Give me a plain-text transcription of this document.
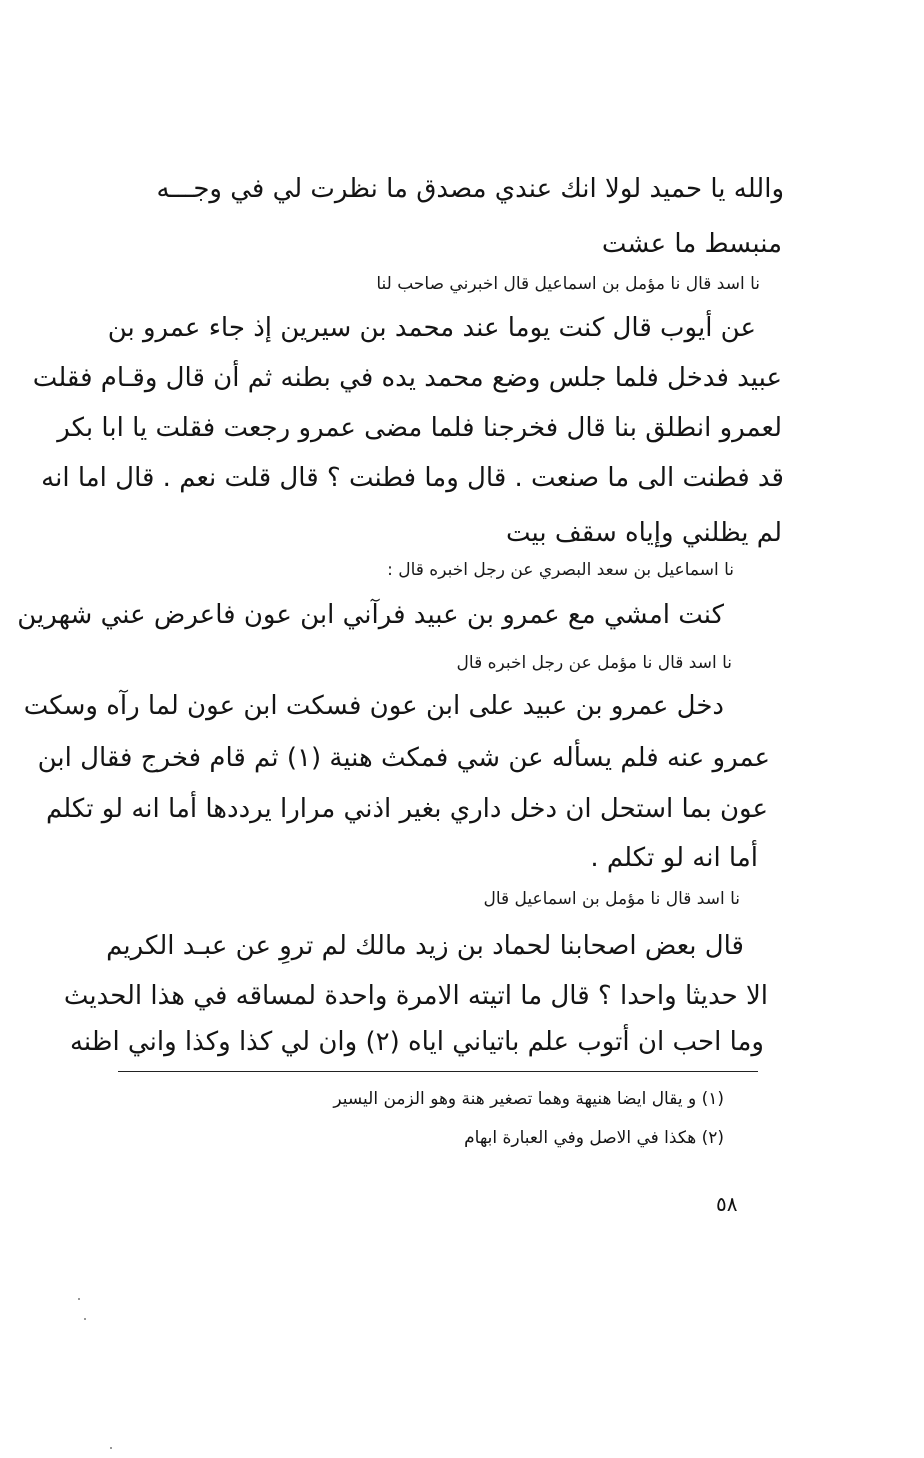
والله يا حميد لولا انك عندي مصدق ما نظرت لي في وجـــه
منبسط ما عشت
نا اسد قال نا مؤمل بن اسماعيل قال اخبرني صاحب لنا
عن أيوب قال كنت يوما عند محمد بن سيرين إذ جاء عمرو بن
عبيد فدخل فلما جلس وضع محمد يده في بطنه ثم أن قال وقـام فقلت
لعمرو انطلق بنا قال فخرجنا فلما مضى عمرو رجعت فقلت يا ابا بكر
قد فطنت الى ما صنعت . قال وما فطنت ؟ قال قلت نعم . قال اما انه
لم يظلني وإياه سقف بيت
نا اسماعيل بن سعد البصري عن رجل اخبره قال :
كنت امشي مع عمرو بن عبيد فرآني ابن عون فاعرض عني شهرين
نا اسد قال نا مؤمل عن رجل اخبره قال
دخل عمرو بن عبيد على ابن عون فسكت ابن عون لما رآه وسكت
عمرو عنه فلم يسأله عن شي فمكث هنية (١) ثم قام فخرج فقال ابن
عون بما استحل ان دخل داري بغير اذني مرارا يرددها أما انه لو تكلم
أما انه لو تكلم .
نا اسد قال نا مؤمل بن اسماعيل قال
قال بعض اصحابنا لحماد بن زيد مالك لم تروِ عن عبـد الكريم
الا حديثا واحدا ؟ قال ما اتيته الامرة واحدة لمساقه في هذا الحديث
وما احب ان أتوب علم باتياني اياه (٢) وان لي كذا وكذا واني اظنه
(١) و يقال ايضا هنيهة وهما تصغير هنة وهو الزمن اليسير
(٢) هكذا في الاصل وفي العبارة ابهام
٥٨
